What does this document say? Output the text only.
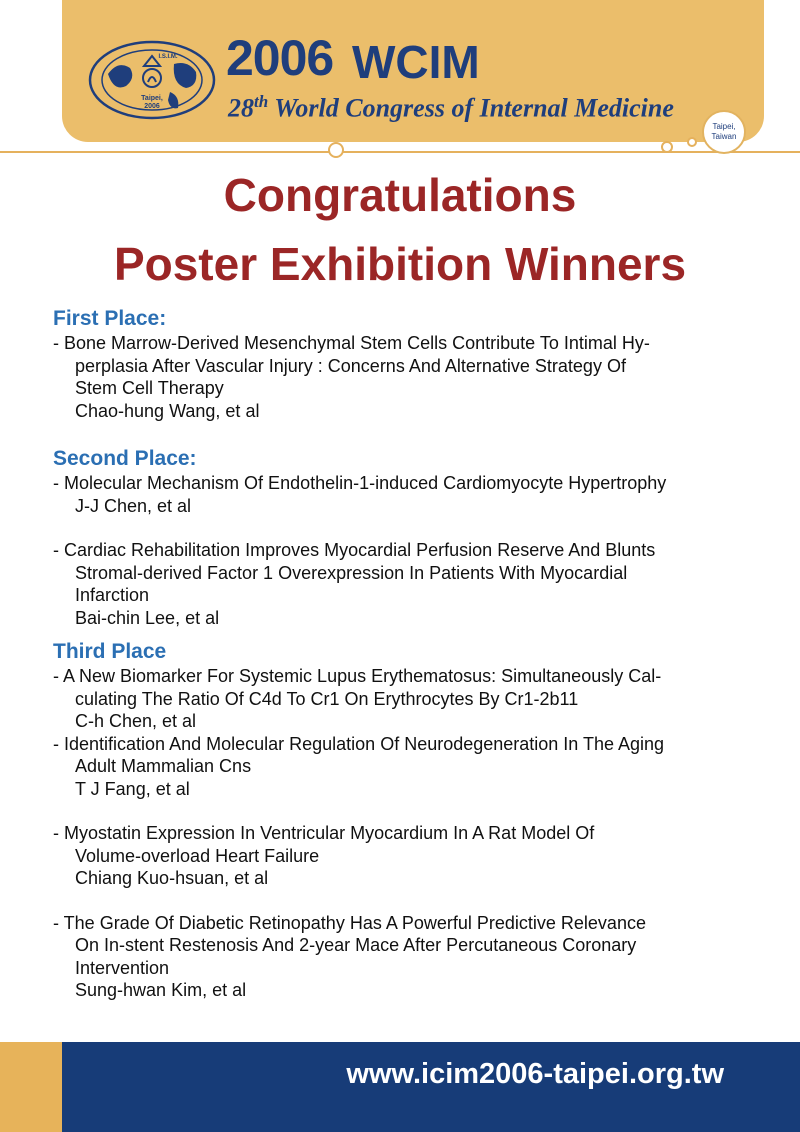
Taipei,
2006
I.S.I.M. 2006 WCIM
28th World Congress of Internal Medicine
Taipei,
Taiwan
Congratulations
Poster Exhibition Winners

First Place:

- Bone Marrow-Derived Mesenchymal Stem Cells Contribute To Intimal Hy-
perplasia After Vascular Injury : Concerns And Alternative Strategy Of
Stem Cell Therapy
Chao-hung Wang, et al

Second Place:

- Molecular Mechanism Of Endothelin-1-induced Cardiomyocyte Hypertrophy
J-J Chen, et al
- Cardiac Rehabilitation Improves Myocardial Perfusion Reserve And Blunts
Stromal-derived Factor 1 Overexpression In Patients With Myocardial
Infarction
Bai-chin Lee, et al

Third Place

- A New Biomarker For Systemic Lupus Erythematosus: Simultaneously Cal-
culating The Ratio Of C4d To Cr1 On Erythrocytes By Cr1-2b11
C-h Chen, et al
- Identification And Molecular Regulation Of Neurodegeneration In The Aging
Adult Mammalian Cns
T J Fang, et al
- Myostatin Expression In Ventricular Myocardium In A Rat Model Of
Volume-overload Heart Failure
Chiang Kuo-hsuan, et al
- The Grade Of Diabetic Retinopathy Has A Powerful Predictive Relevance
On In-stent Restenosis And 2-year Mace After Percutaneous Coronary
Intervention
Sung-hwan Kim, et al
www.icim2006-taipei.org.tw
